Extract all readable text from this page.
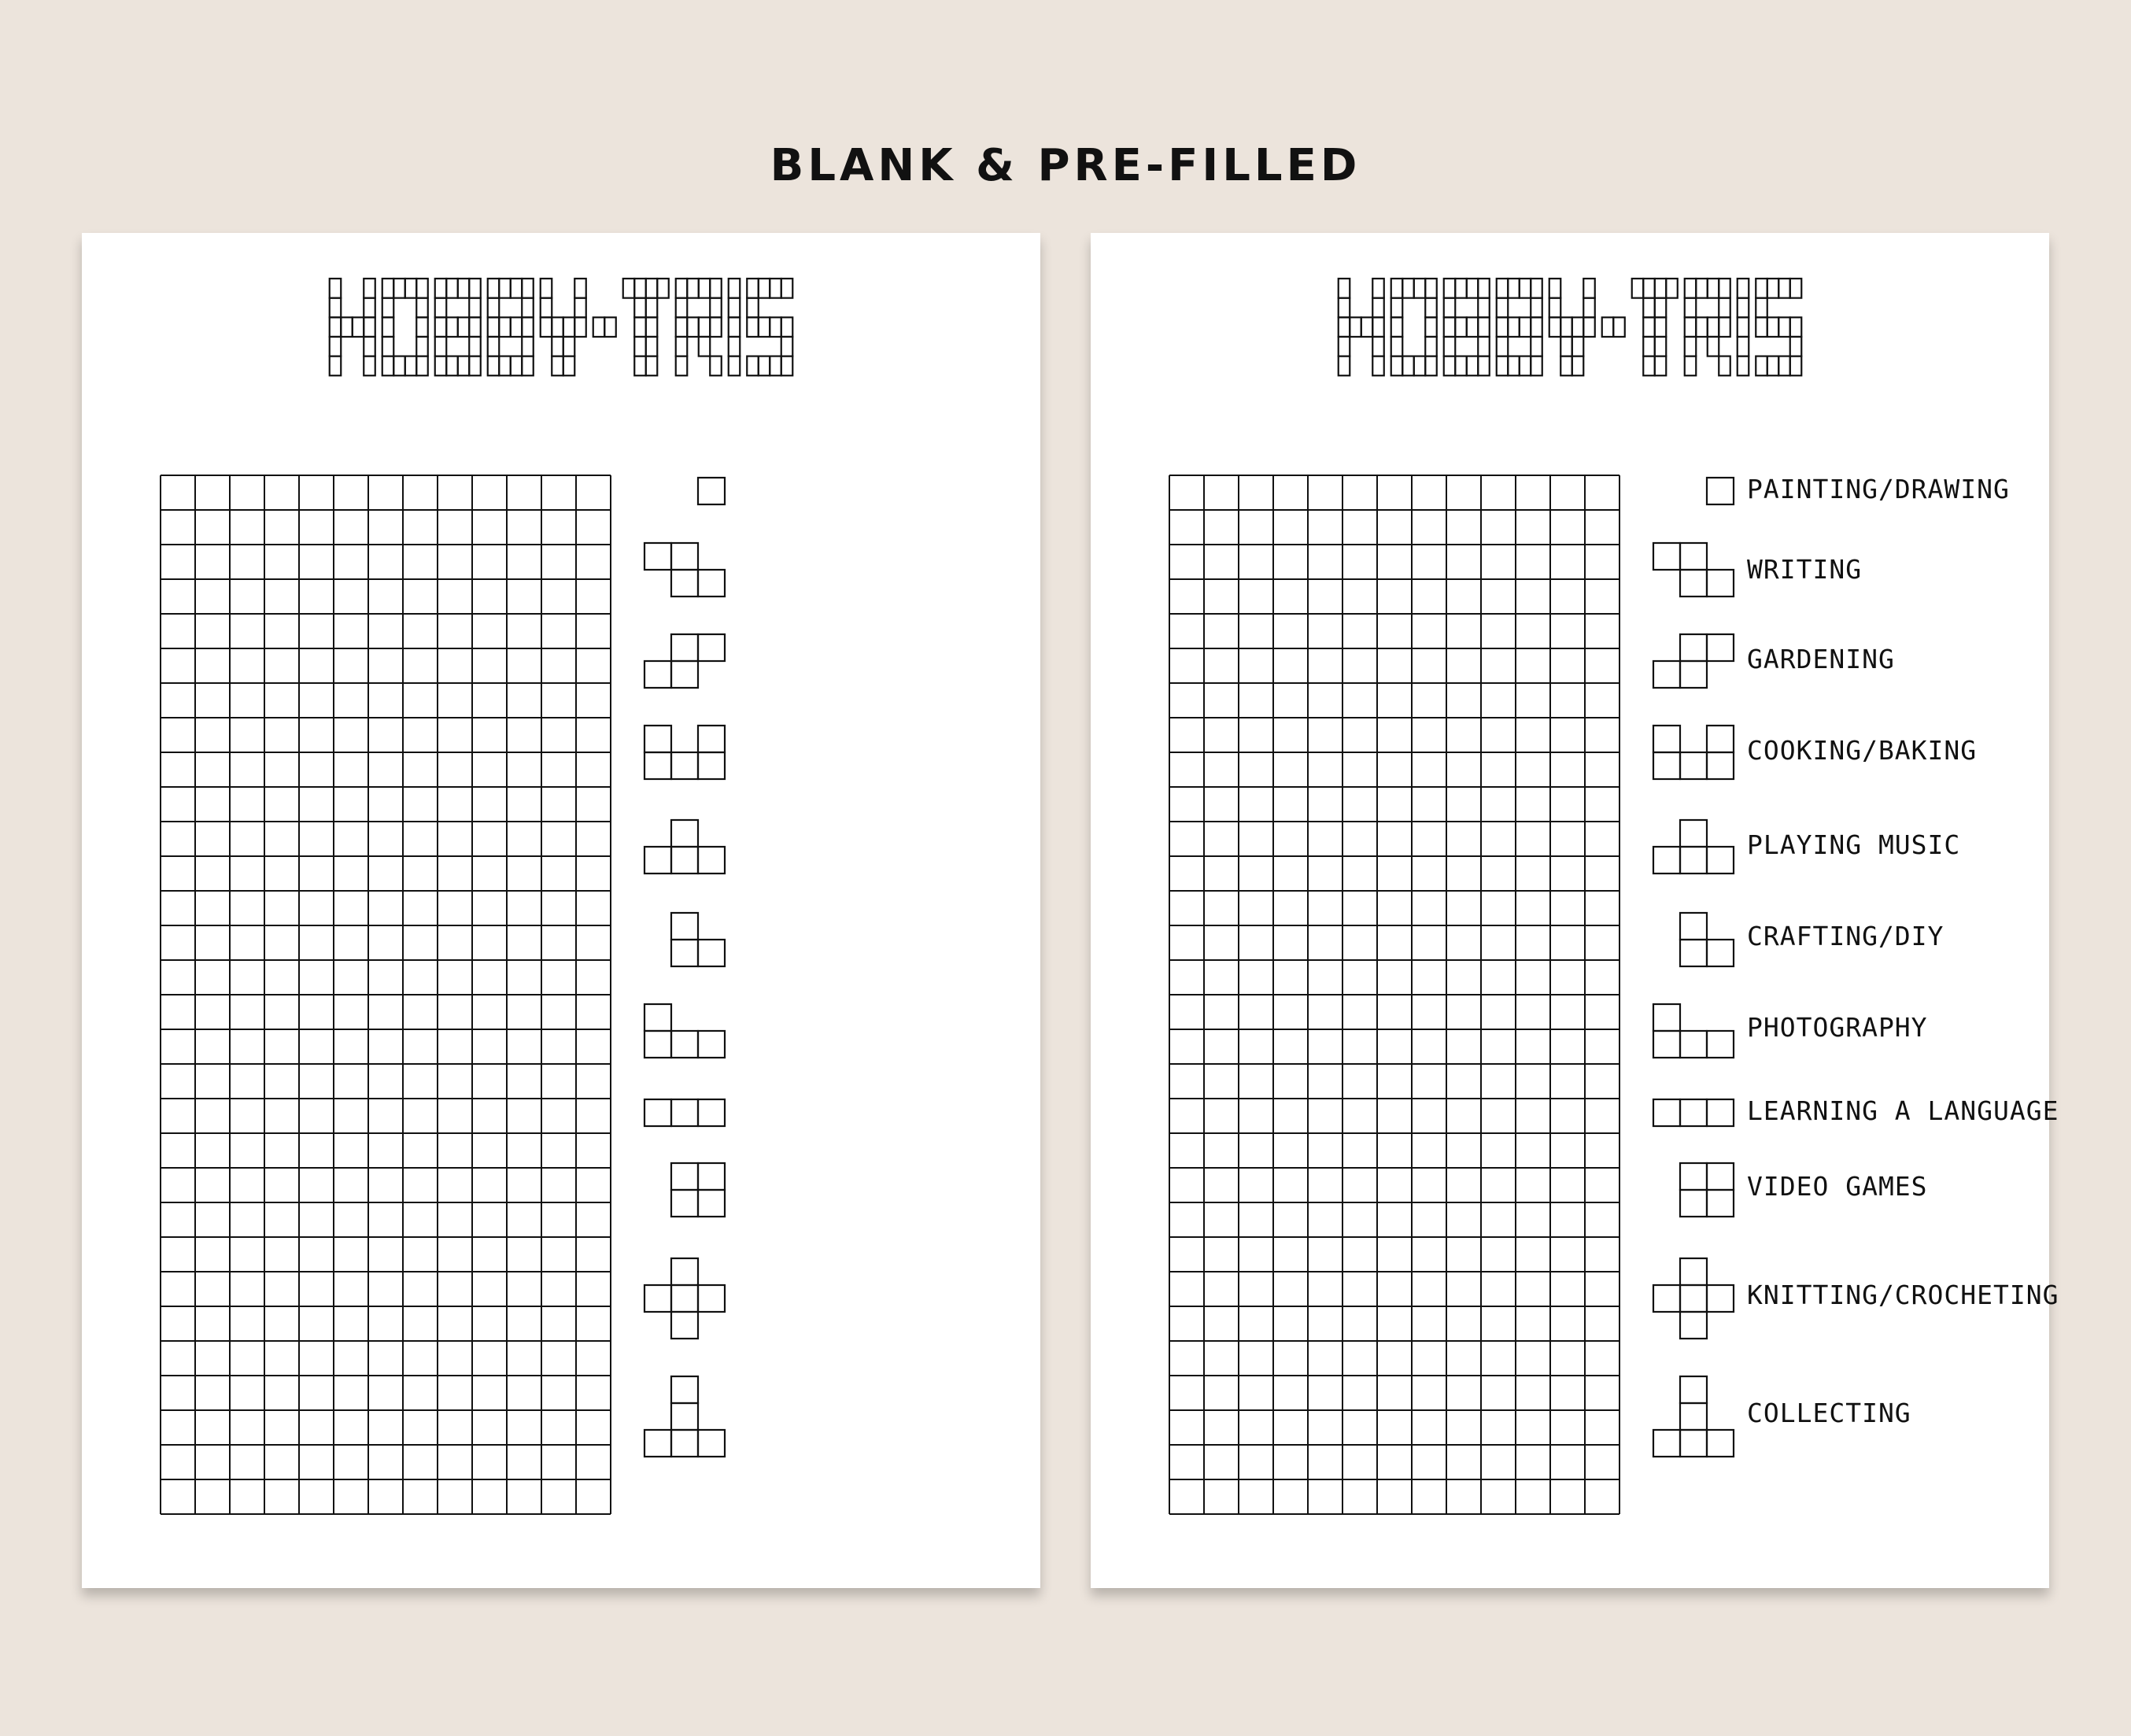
BLANK & PRE-FILLED
PAINTING/DRAWING
WRITING
GARDENING
COOKING/BAKING
PLAYING MUSIC
CRAFTING/DIY
PHOTOGRAPHY
LEARNING A LANGUAGE
VIDEO GAMES
KNITTING/CROCHETING
COLLECTING
